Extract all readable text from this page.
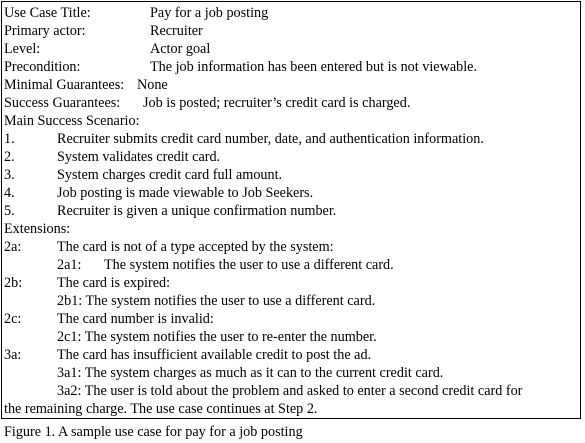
Use Case Title:	Pay for a job posting
Primary actor:	Recruiter
Level:	Actor goal
Precondition:	The job information has been entered but is not viewable.
Minimal Guarantees: None
Success Guarantees: Job is posted; recruiter’s credit card is charged.
Main Success Scenario:
1.	Recruiter submits credit card number, date, and authentication information.
2.	System validates credit card.
3.	System charges credit card full amount.
4.	Job posting is made viewable to Job Seekers.
5.	Recruiter is given a unique confirmation number.
Extensions:
2a:	The card is not of a type accepted by the system:
2a1: The system notifies the user to use a different card.
2b: The card is expired:
2b1: The system notifies the user to use a different card.
2c:	The card number is invalid:
2c1: The system notifies the user to re-enter the number.
3a:	The card has insufficient available credit to post the ad.
3a1: The system charges as much as it can to the current credit card.
3a2: The user is told about the problem and asked to enter a second credit card for
the remaining charge. The use case continues at Step 2.
Figure 1. A sample use case for pay for a job posting
